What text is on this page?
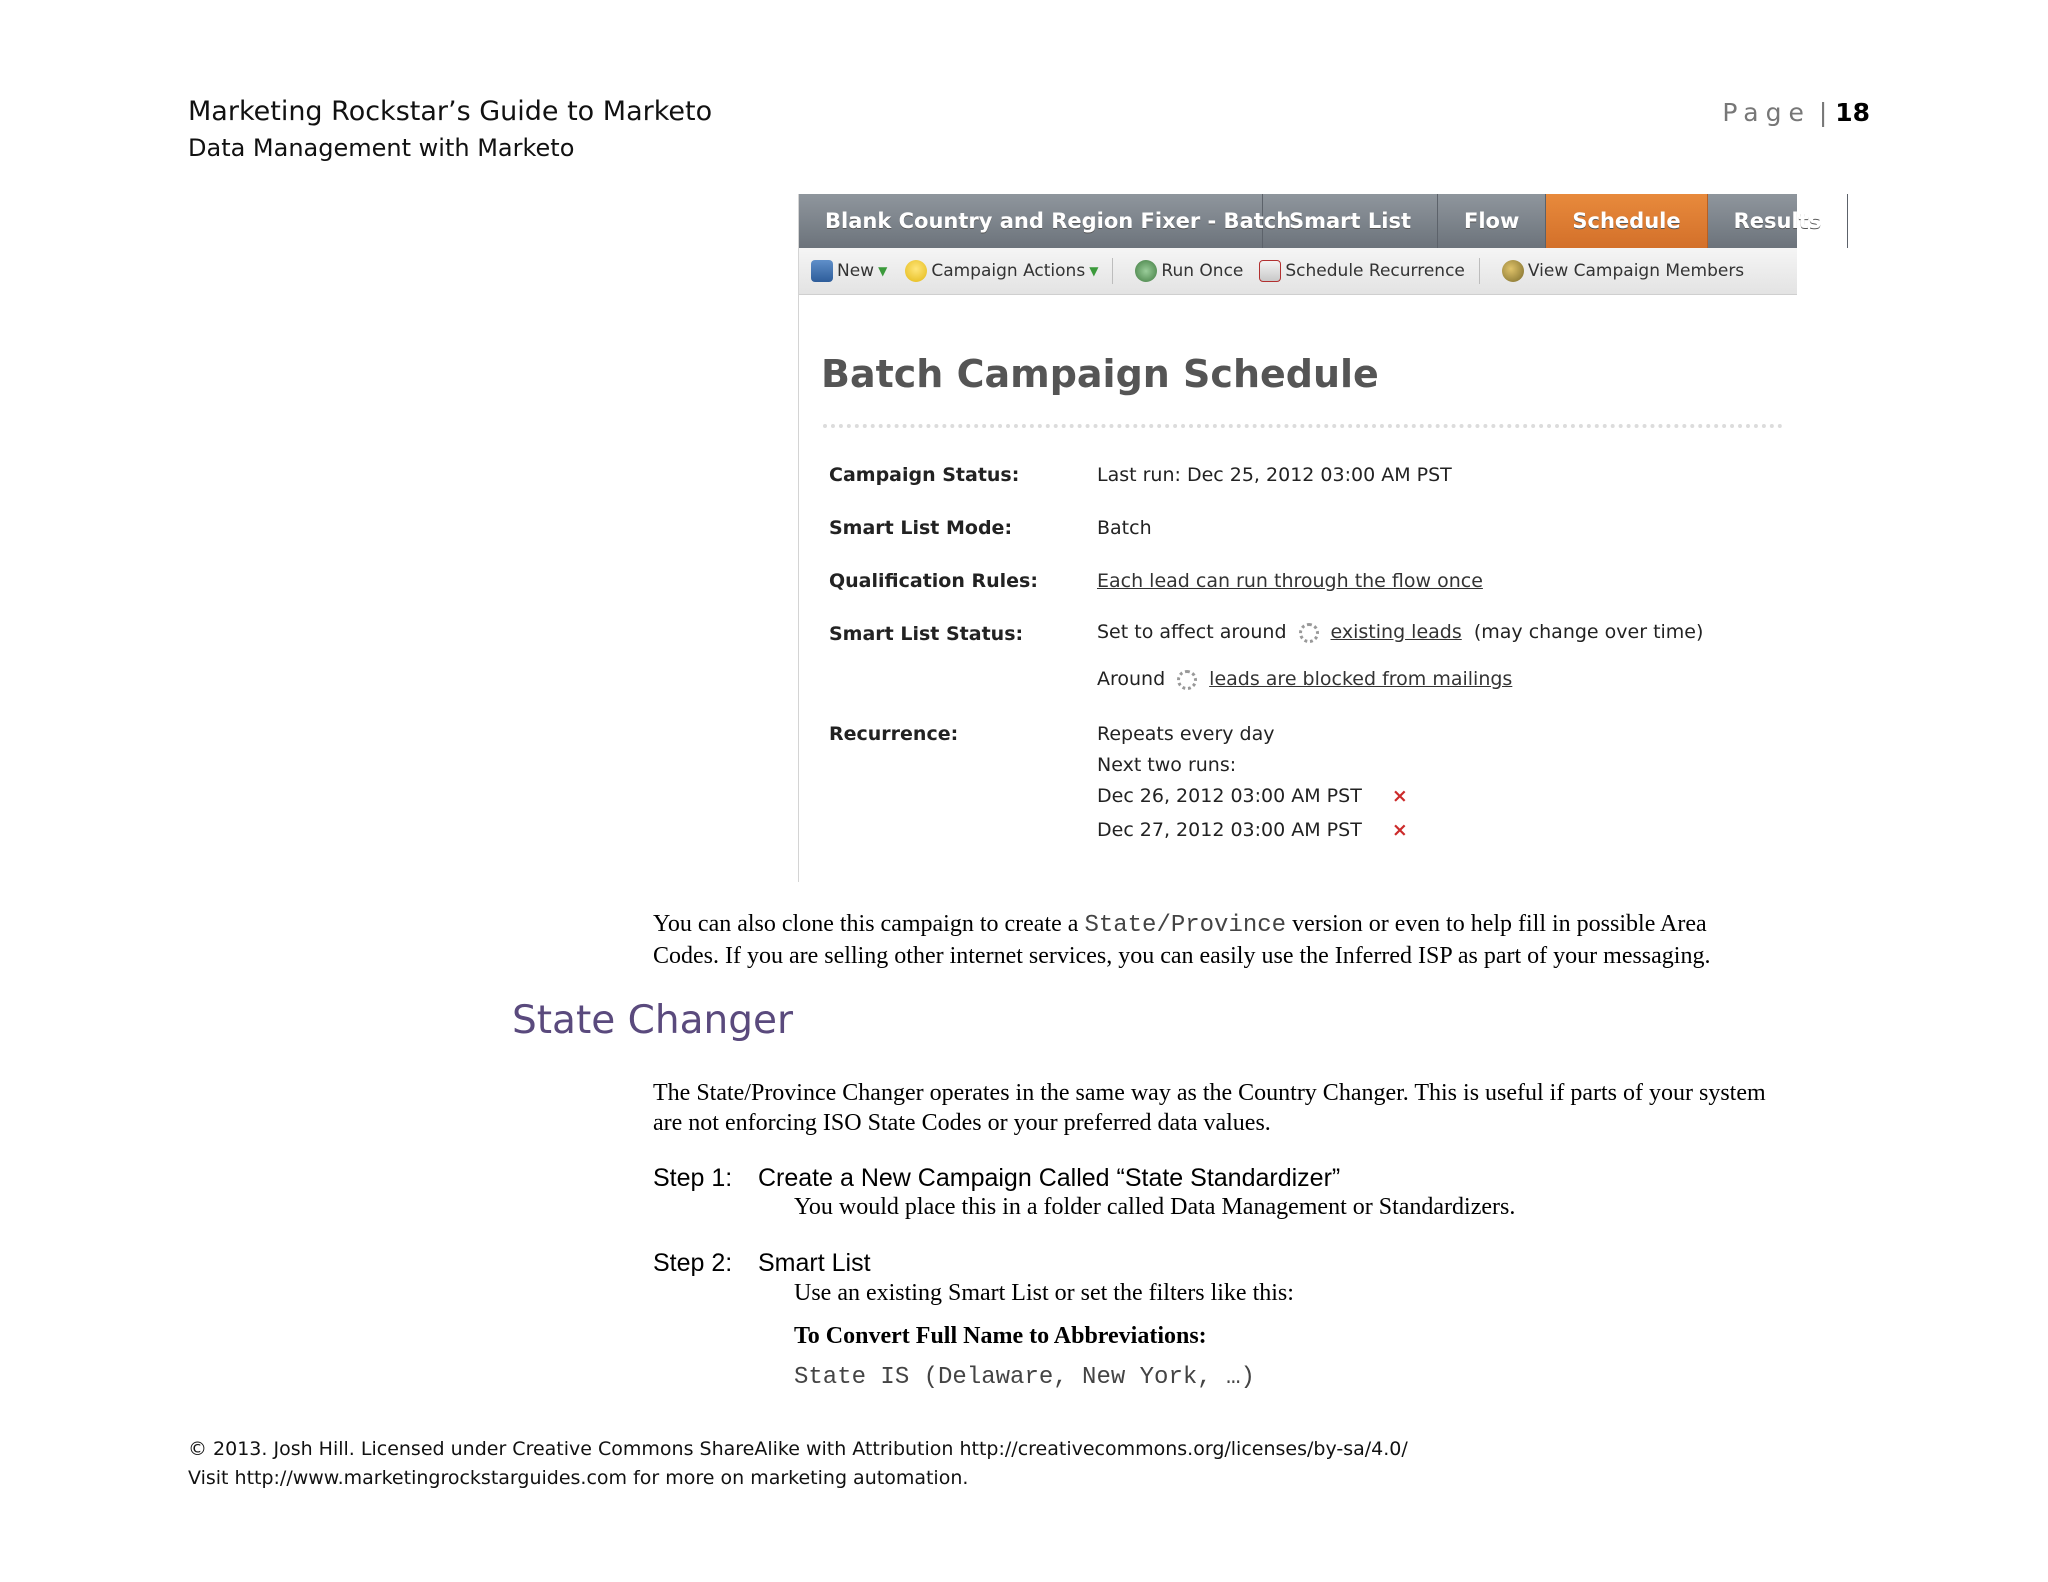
Marketing Rockstar’s Guide to Marketo
Data Management with Marketo
Page | 18
Blank Country and Region Fixer - Batch
Smart List	Flow	Schedule	Results
New ▼	Campaign Actions ▼	Run Once Schedule Recurrence	View Campaign Members
Batch Campaign Schedule
Campaign Status:	Last run: Dec 25, 2012 03:00 AM PST
Smart List Mode:	Batch
Qualification Rules:	Each lead can run through the flow once
Smart List Status:	Set to affect around existing leads (may change over time)
Around leads are blocked from mailings
Recurrence:	Repeats every day
Next two runs:
Dec 26, 2012 03:00 AM PST ×
Dec 27, 2012 03:00 AM PST ×
You can also clone this campaign to create a State/Province version or even to help fill in possible Area
Codes. If you are selling other internet services, you can easily use the Inferred ISP as part of your messaging.
State Changer
The State/Province Changer operates in the same way as the Country Changer. This is useful if parts of your system
are not enforcing ISO State Codes or your preferred data values.
Step 1: Create a New Campaign Called “State Standardizer”
You would place this in a folder called Data Management or Standardizers.
Step 2: Smart List
Use an existing Smart List or set the filters like this:
To Convert Full Name to Abbreviations:
State IS (Delaware, New York, …)
© 2013. Josh Hill. Licensed under Creative Commons ShareAlike with Attribution http://creativecommons.org/licenses/by-sa/4.0/
Visit http://www.marketingrockstarguides.com for more on marketing automation.
